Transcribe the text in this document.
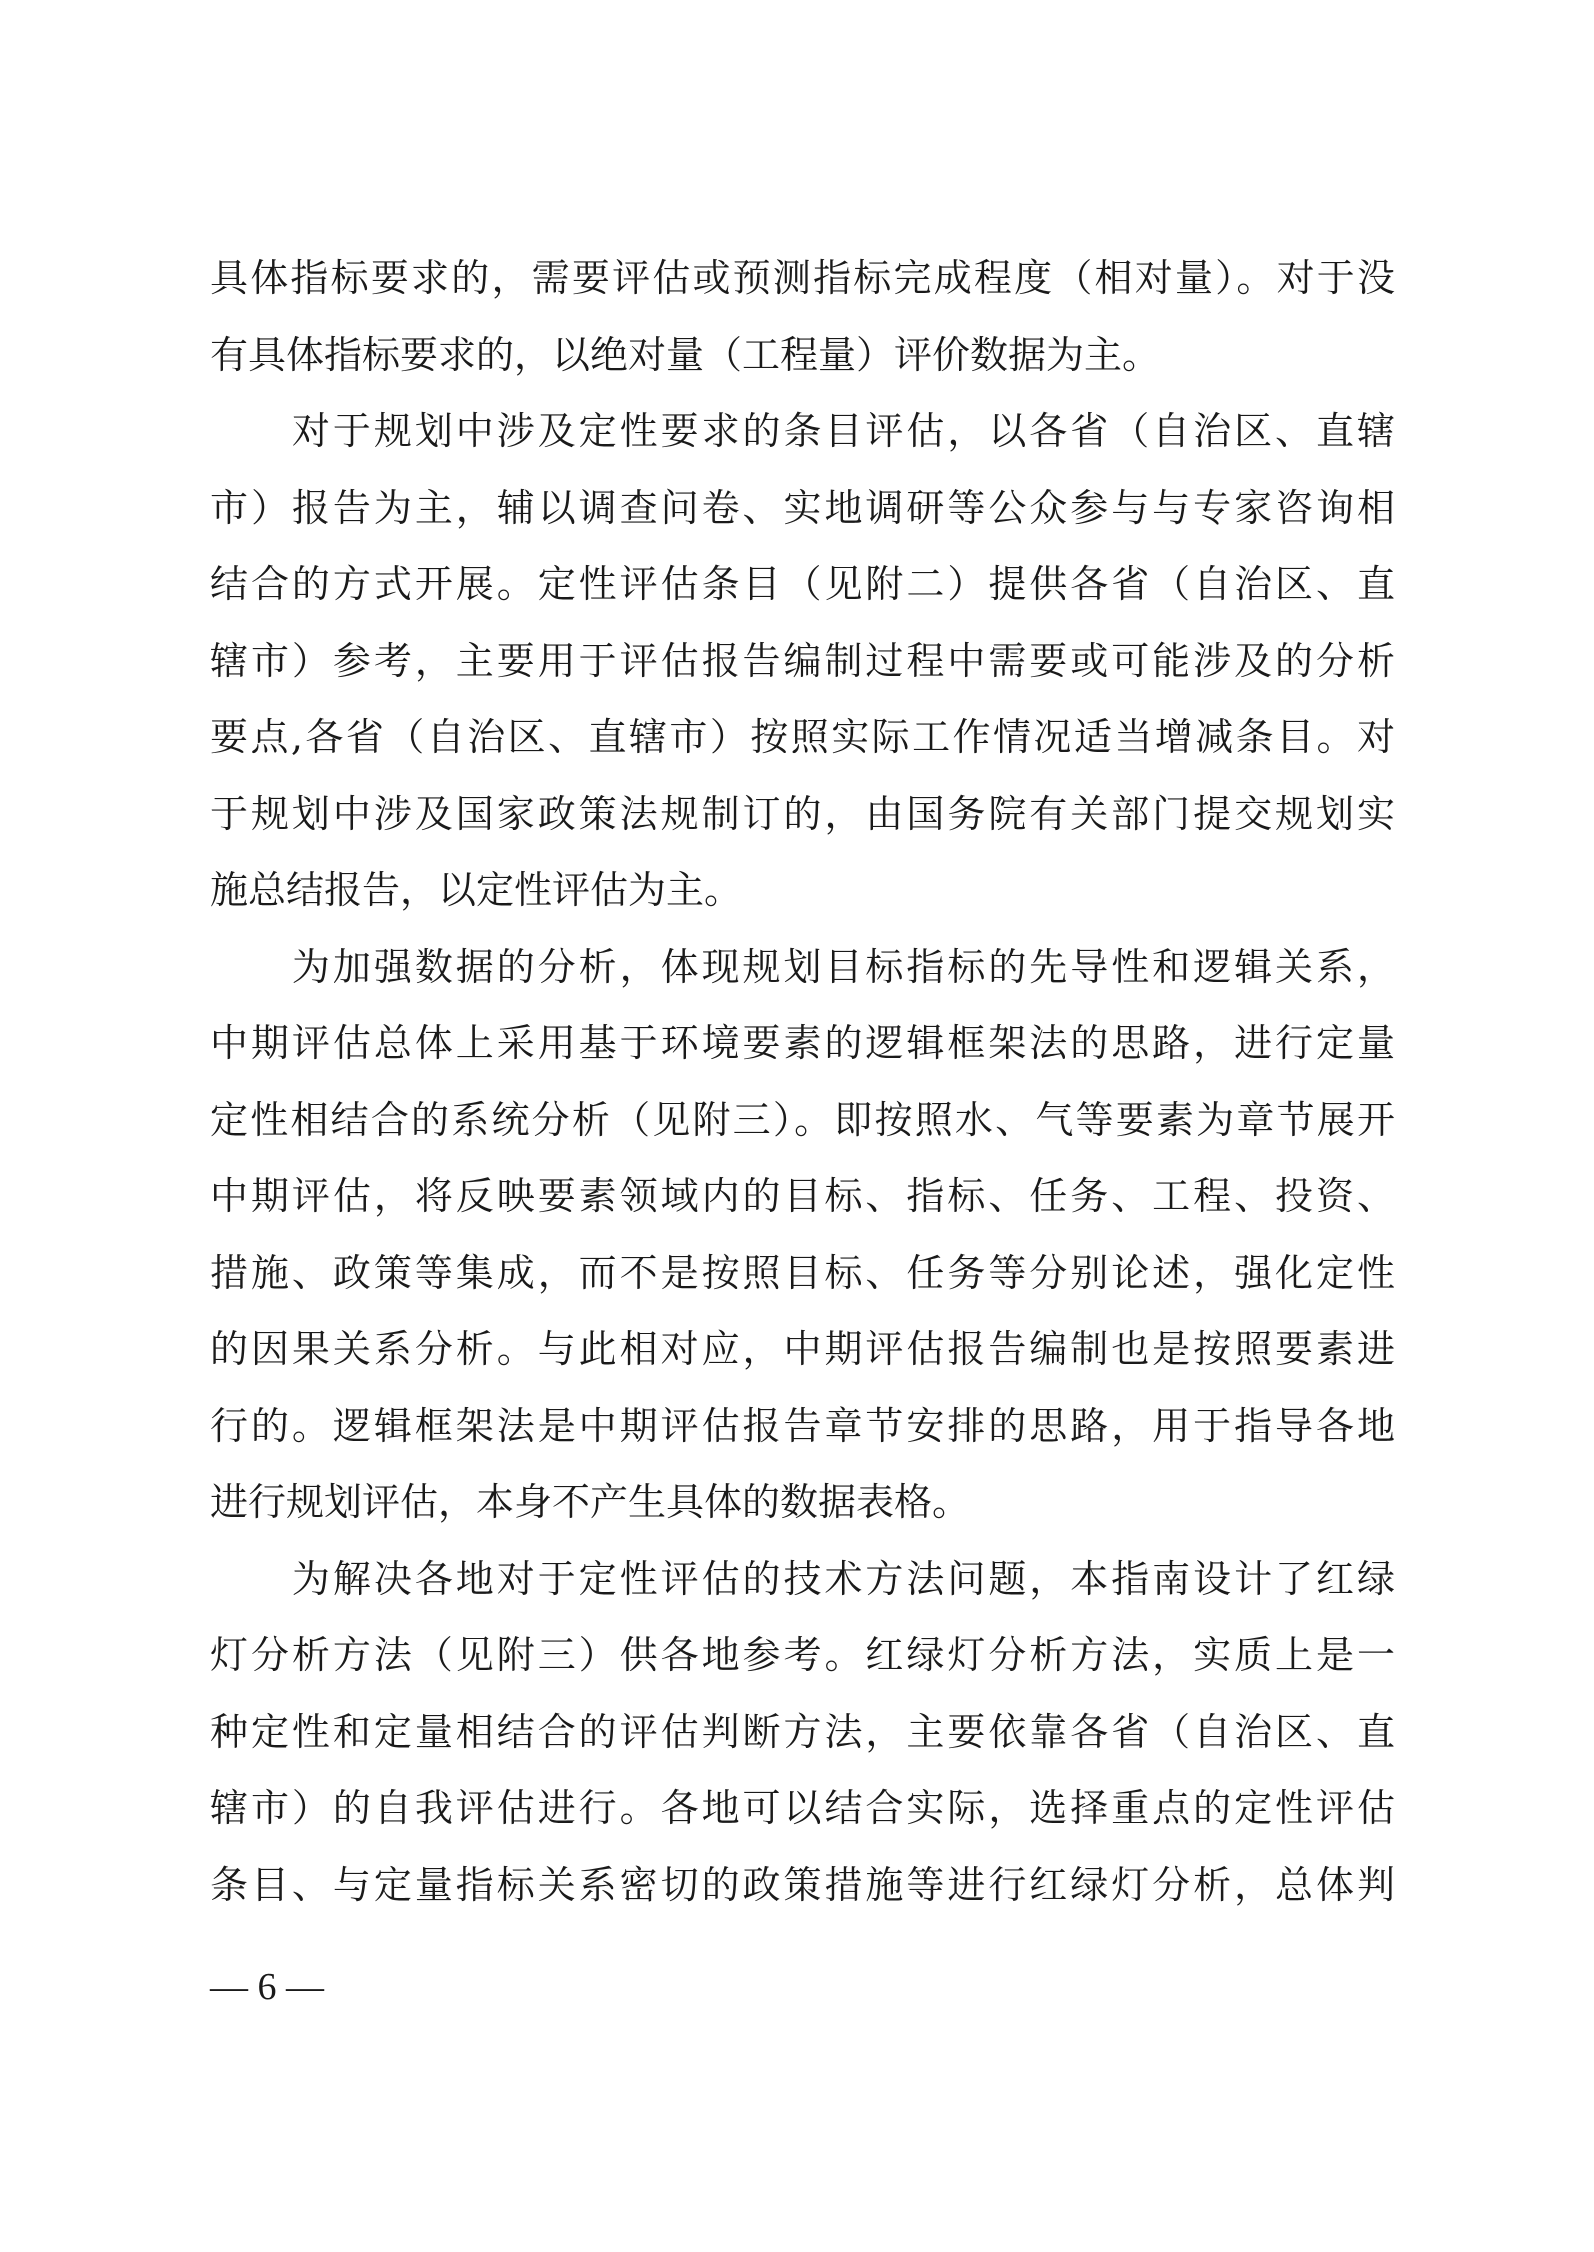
具体指标要求的，需要评估或预测指标完成程度（相对量）。对于没
有具体指标要求的，以绝对量（工程量）评价数据为主。
　　对于规划中涉及定性要求的条目评估，以各省（自治区、直辖
市）报告为主，辅以调查问卷、实地调研等公众参与与专家咨询相
结合的方式开展。定性评估条目（见附二）提供各省（自治区、直
辖市）参考，主要用于评估报告编制过程中需要或可能涉及的分析
要点,各省（自治区、直辖市）按照实际工作情况适当增减条目。对
于规划中涉及国家政策法规制订的，由国务院有关部门提交规划实
施总结报告，以定性评估为主。
　　为加强数据的分析，体现规划目标指标的先导性和逻辑关系，
中期评估总体上采用基于环境要素的逻辑框架法的思路，进行定量
定性相结合的系统分析（见附三）。即按照水、气等要素为章节展开
中期评估，将反映要素领域内的目标、指标、任务、工程、投资、
措施、政策等集成，而不是按照目标、任务等分别论述，强化定性
的因果关系分析。与此相对应，中期评估报告编制也是按照要素进
行的。逻辑框架法是中期评估报告章节安排的思路，用于指导各地
进行规划评估，本身不产生具体的数据表格。
　　为解决各地对于定性评估的技术方法问题，本指南设计了红绿
灯分析方法（见附三）供各地参考。红绿灯分析方法，实质上是一
种定性和定量相结合的评估判断方法，主要依靠各省（自治区、直
辖市）的自我评估进行。各地可以结合实际，选择重点的定性评估
条目、与定量指标关系密切的政策措施等进行红绿灯分析，总体判
— 6 —
